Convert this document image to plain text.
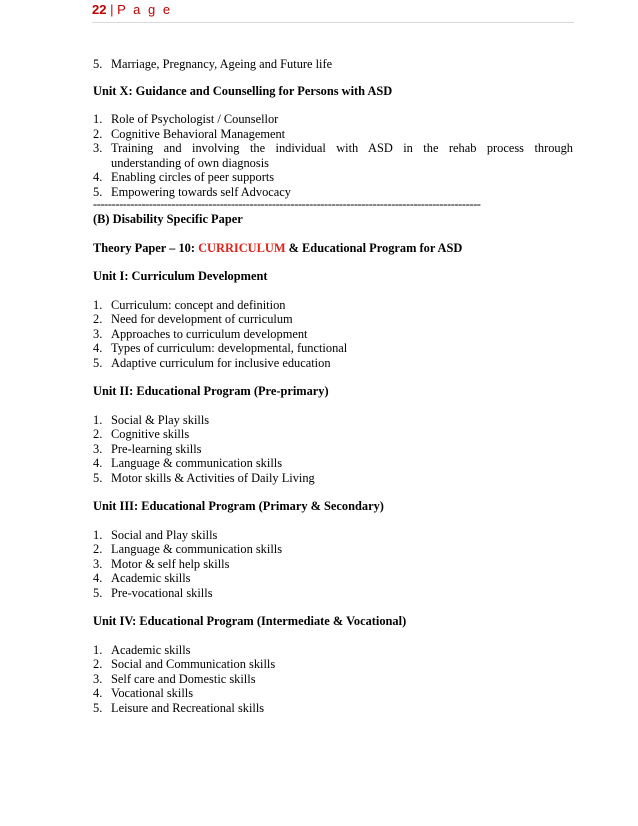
22 | P a g e
5. Marriage, Pregnancy, Ageing and Future life
Unit X: Guidance and Counselling for Persons with ASD
1. Role of Psychologist / Counsellor
2. Cognitive Behavioral Management
3. Training and involving the individual with ASD in the rehab process through
understanding of own diagnosis
4. Enabling circles of peer supports
5. Empowering towards self Advocacy
--------------------------------------------------------------------------------------------------------
(B) Disability Specific Paper
Theory Paper – 10: CURRICULUM & Educational Program for ASD
Unit I: Curriculum Development
1. Curriculum: concept and definition
2. Need for development of curriculum
3. Approaches to curriculum development
4. Types of curriculum: developmental, functional
5. Adaptive curriculum for inclusive education
Unit II: Educational Program (Pre-primary)
1. Social & Play skills
2. Cognitive skills
3. Pre-learning skills
4. Language & communication skills
5. Motor skills & Activities of Daily Living
Unit III: Educational Program (Primary & Secondary)
1. Social and Play skills
2. Language & communication skills
3. Motor & self help skills
4. Academic skills
5. Pre-vocational skills
Unit IV: Educational Program (Intermediate & Vocational)
1. Academic skills
2. Social and Communication skills
3. Self care and Domestic skills
4. Vocational skills
5. Leisure and Recreational skills
